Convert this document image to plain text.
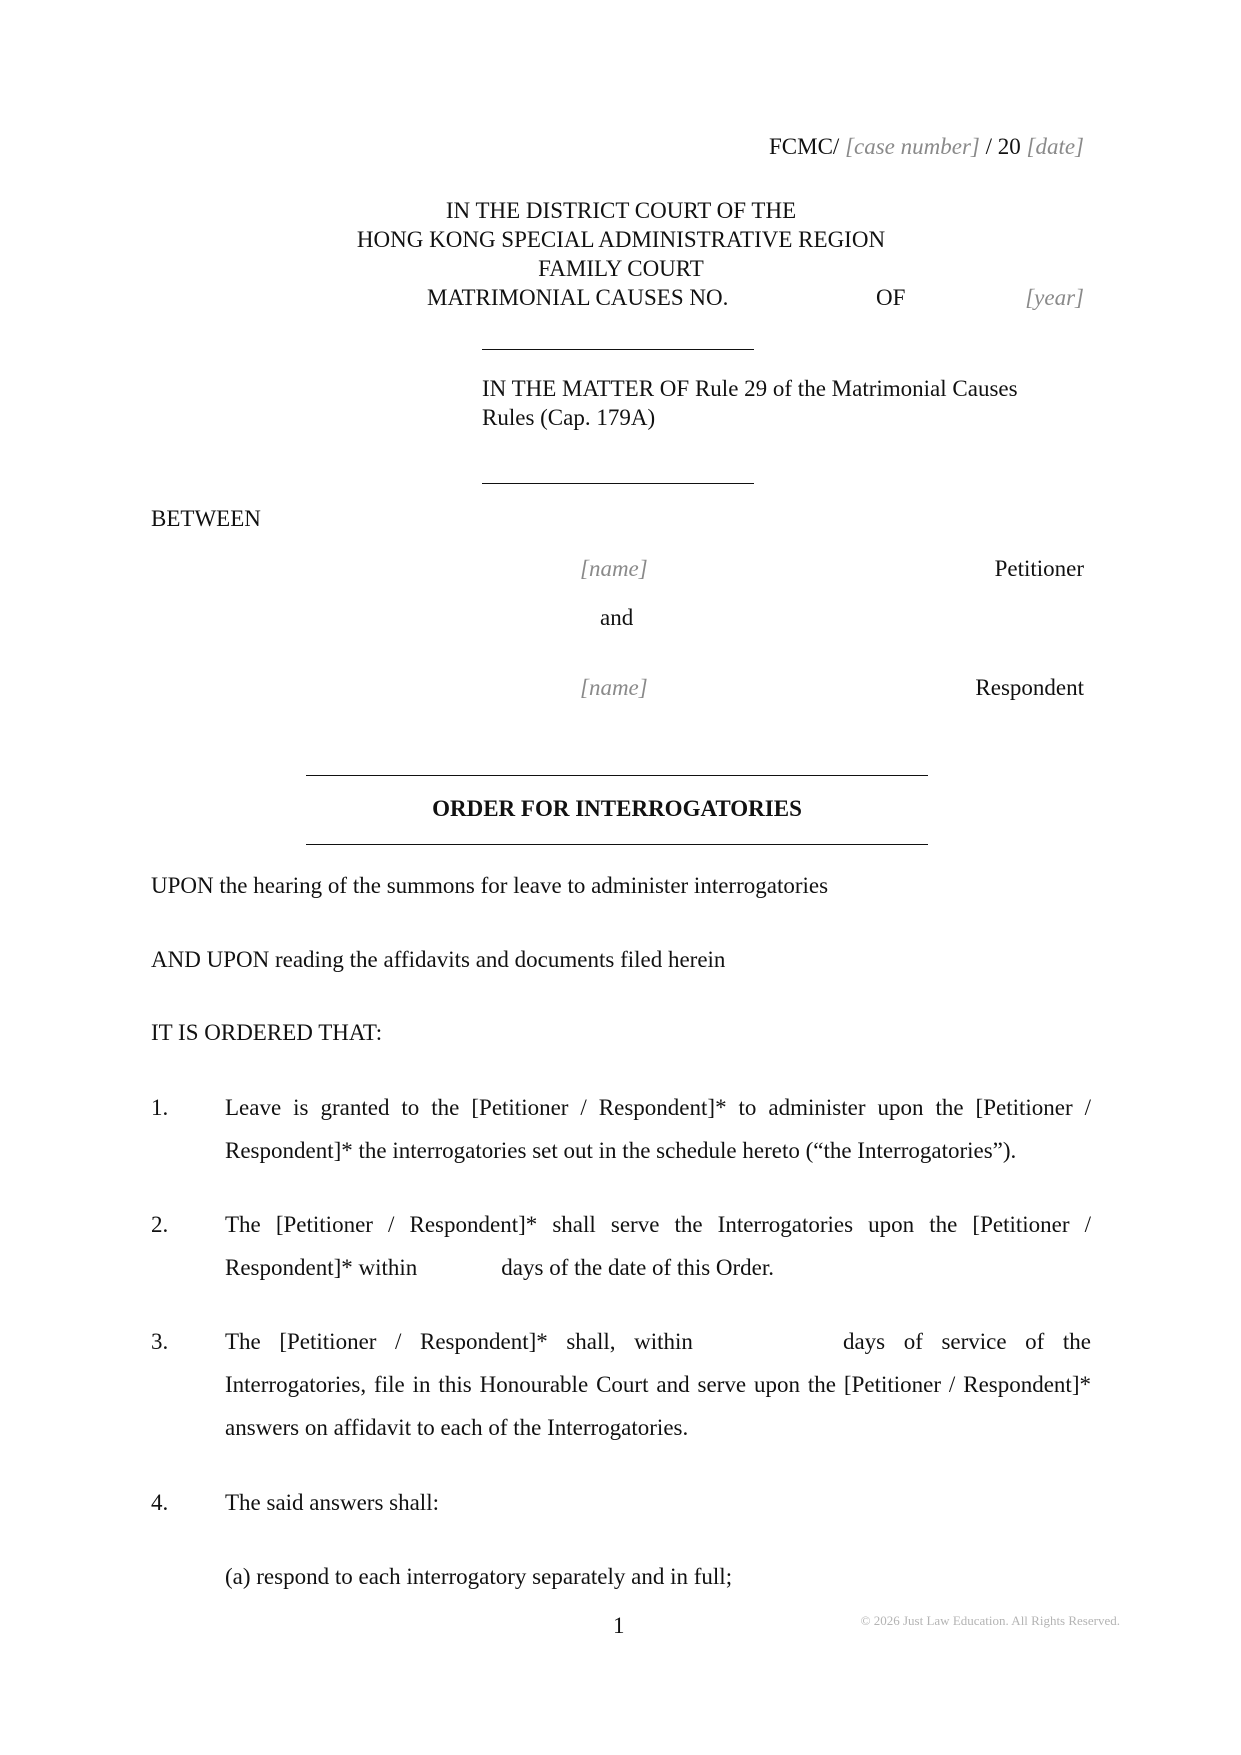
FCMC/ [case number] / 20 [date]
IN THE DISTRICT COURT OF THE
HONG KONG SPECIAL ADMINISTRATIVE REGION
FAMILY COURT
MATRIMONIAL CAUSES NO.	OF	[year]
IN THE MATTER OF Rule 29 of the Matrimonial Causes
Rules (Cap. 179A)
BETWEEN
[name]	Petitioner
and
[name]	Respondent
ORDER FOR INTERROGATORIES
UPON the hearing of the summons for leave to administer interrogatories
AND UPON reading the affidavits and documents filed herein
IT IS ORDERED THAT:
1. Leave is granted to the [Petitioner / Respondent]* to administer upon the [Petitioner / Respondent]* the interrogatories set out in the schedule hereto (“the Interrogatories”).
2. The [Petitioner / Respondent]* shall serve the Interrogatories upon the [Petitioner / Respondent]* within	days of the date of this Order.
3. The [Petitioner / Respondent]* shall, within	days of service of the Interrogatories, file in this Honourable Court and serve upon the [Petitioner / Respondent]* answers on affidavit to each of the Interrogatories.
4. The said answers shall:
(a) respond to each interrogatory separately and in full;
1	© 2026 Just Law Education. All Rights Reserved.
